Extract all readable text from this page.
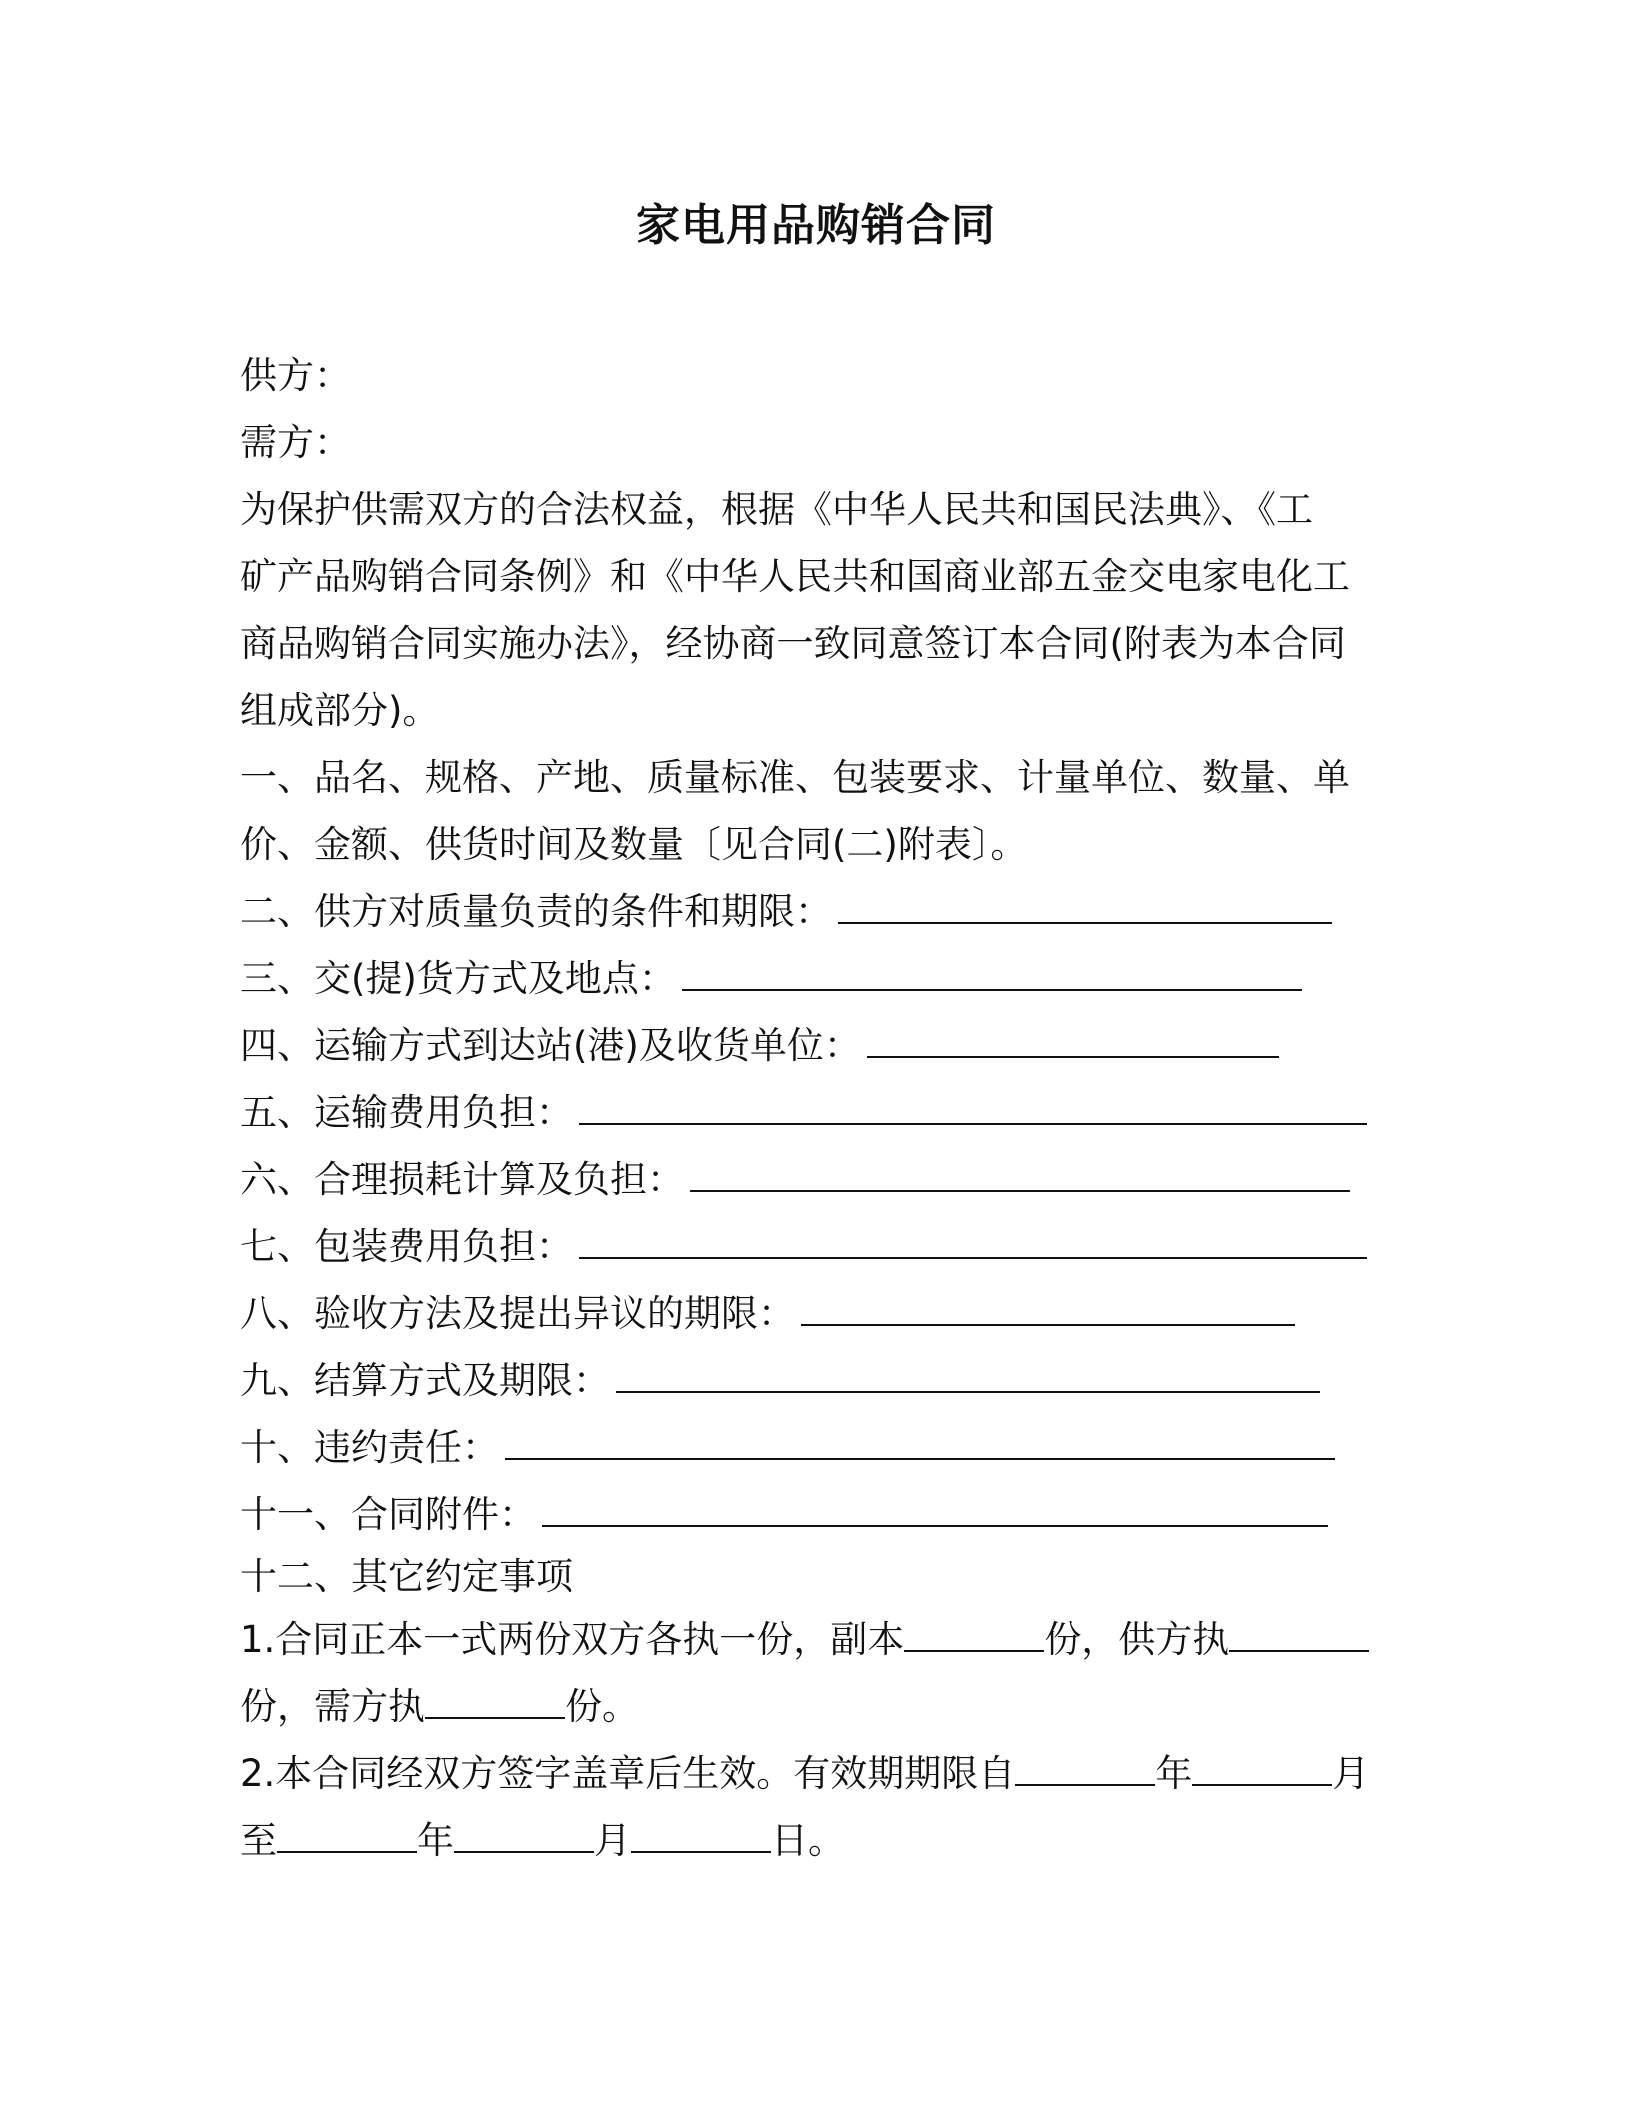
家电用品购销合同
供方：
需方：
为保护供需双方的合法权益，根据《中华人民共和国民法典》、《工
矿产品购销合同条例》和《中华人民共和国商业部五金交电家电化工
商品购销合同实施办法》，经协商一致同意签订本合同(附表为本合同
组成部分)。
一、品名、规格、产地、质量标准、包装要求、计量单位、数量、单
价、金额、供货时间及数量〔见合同(二)附表〕。
二、供方对质量负责的条件和期限：
三、交(提)货方式及地点：
四、运输方式到达站(港)及收货单位：
五、运输费用负担：
六、合理损耗计算及负担：
七、包装费用负担：
八、验收方法及提出异议的期限：
九、结算方式及期限：
十、违约责任：
十一、合同附件：
十二、其它约定事项
1.合同正本一式两份双方各执一份，副本	份，供方执
份，需方执	份。
2.本合同经双方签字盖章后生效。有效期期限自	年	月
至	年	月	日。
